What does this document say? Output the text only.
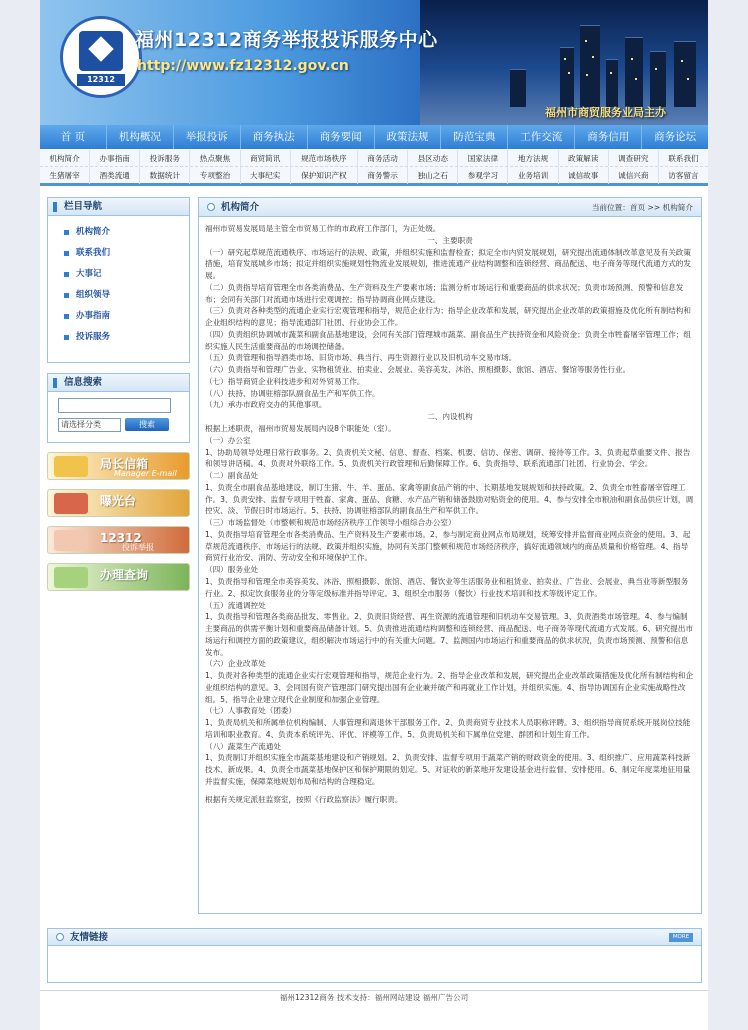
12312
福州12312商务举报投诉服务中心
http://www.fz12312.gov.cn
福州市商贸服务业局主办
首 页	机构概况	举报投诉	商务执法	商务要闻	政策法规	防范宝典	工作交流	商务信用	商务论坛
机构简介	办事指南	投诉服务	热点聚焦	商贸简讯	规范市场秩序	商务活动	县区动态	国家法律	地方法规	政策解读	调查研究	联系我们
生猪屠宰	酒类流通	数据统计	专项整治	大事纪实	保护知识产权	商务警示	独山之石	参观学习	业务培训	诚信故事	诚信兴商	访客留言
栏目导航
机构简介
联系我们
大事记
组织领导
办事指南
投诉服务
信息搜索
请选择分类	搜索
局长信箱
Manager E-mail
曝光台
12312
投诉举报
办理查询
机构简介	当前位置：首页 >> 机构简介

福州市贸易发展局是主管全市贸易工作的市政府工作部门，为正处级。

一、主要职责

（一）研究起草规范流通秩序、市场运行的法规、政策，并组织实施和监督检查；拟定全市内贸发展规划，研究提出流通体制改革意见及有关政策措施，培育发展城乡市场；拟定并组织实施规划性物流业发展规划，推进流通产业结构调整和连锁经营、商品配送、电子商务等现代流通方式的发展。

（二）负责指导培育管理全市各类消费品、生产资料及生产要素市场；监测分析市场运行和重要商品的供求状况；负责市场预测、预警和信息发布；会同有关部门对流通市场进行宏观调控；指导协调商业网点建设。

（三）负责对各种类型的流通企业实行宏观管理和指导，规范企业行为；指导企业改革和发展，研究提出企业改革的政策措施及优化所有制结构和企业组织结构的意见；指导流通部门社团、行业协会工作。

（四）负责组织协调城市蔬菜和副食品基地建设，会同有关部门管理城市蔬菜、副食品生产扶持资金和风险资金；负责全市牲畜屠宰管理工作；组织实施人民生活重要商品的市场调控储备。

（五）负责管理和指导酒类市场、旧货市场、典当行、再生资源行业以及旧机动车交易市场。

（六）负责指导和管理广告业、实物租赁业、拍卖业、会展业、美容美发、沐浴、照相摄影、旅馆、酒店、餐馆等服务性行业。

（七）指导商贸企业科技进步和对外贸易工作。

（八）扶持、协调驻榕部队副食品生产和军供工作。

（九）承办市政府交办的其他事项。

二、内设机构

根据上述职责，福州市贸易发展局内设8个职能处（室）。

（一）办公室

1、协助局领导处理日常行政事务。2、负责机关文秘、信息、督查、档案、机要、信访、保密、调研、接待等工作。3、负责起草重要文件、报告和领导讲话稿。4、负责对外联络工作。5、负责机关行政管理和后勤保障工作。6、负责指导、联系流通部门社团、行业协会、学会。

（二）副食品处

1、负责全市副食品基地建设，制订生猪、牛、羊、蛋品、家禽等副食品产销的中、长期基地发展规划和扶持政策。2、负责全市牲畜屠宰管理工作。3、负责安排、监督专项用于牲畜、家禽、蛋品、食糖、水产品产销和储备鼓励对贴资金的使用。4、参与安排全市粮油和副食品供应计划，调控灾、淡、节假日时市场运行。5、扶持、协调驻榕部队的副食品生产和军供工作。

（三）市场监督处（市整顿和规范市场经济秩序工作领导小组综合办公室）

1、负责指导培育管理全市各类消费品、生产资料及生产要素市场。2、参与制定商业网点布局规划，统筹安排并监督商业网点资金的使用。3、起草规范流通秩序、市场运行的法规、政策并组织实施，协同有关部门整顿和规范市场经济秩序，搞好流通领域内的商品质量和价格管理。4、指导商贸行业治安、消防、劳动安全和环境保护工作。

（四）服务业处

1、负责指导和管理全市美容美发、沐浴、照相摄影、旅馆、酒店、餐饮业等生活服务业和租赁业、拍卖业、广告业、会展业、典当业等新型服务行业。2、拟定饮食服务业的分等定级标准并指导评定。3、组织全市服务（餐饮）行业技术培训和技术等级评定工作。

（五）流通调控处

1、负责指导和管理各类商品批发、零售业。2、负责旧货经营、再生资源的流通管理和旧机动车交易管理。3、负责酒类市场管理。4、参与编制主要商品的供需平衡计划和重要商品储备计划。5、负责推进流通结构调整和连锁经营、商品配送、电子商务等现代流通方式发展。6、研究提出市场运行和调控方面的政策建议，组织解决市场运行中的有关重大问题。7、监测国内市场运行和重要商品的供求状况，负责市场预测、预警和信息发布。

（六）企业改革处

1、负责对各种类型的流通企业实行宏观管理和指导，规范企业行为。2、指导企业改革和发展，研究提出企业改革政策措施及优化所有制结构和企业组织结构的意见。3、会同国有资产管理部门研究提出国有企业兼并破产和再就业工作计划，并组织实施。4、指导协调国有企业实施战略性改组。5、指导企业建立现代企业制度和加强企业管理。

（七）人事教育处（团委）

1、负责局机关和所属单位机构编制、人事管理和离退休干部服务工作。2、负责商贸专业技术人员职称评聘。3、组织指导商贸系统开展岗位技能培训和职业教育。4、负责本系统评先、评优、评模等工作。5、负责局机关和下属单位党建、群团和计划生育工作。

（八）蔬菜生产流通处

1、负责制订并组织实施全市蔬菜基地建设和产销规划。2、负责安排、监督专项用于蔬菜产销的财政资金的使用。3、组织推广、应用蔬菜科技新技术、新成果。4、负责全市蔬菜基地保护区和保护期限的划定。5、对证收的新菜地开发建设基金进行监督、安排使用。6、制定年度菜地征用量并监督实施，保障菜地规划布局和结构的合理稳定。

根据有关规定派驻监察室，按照《行政监察法》履行职责。

友情链接	MORE
福州12312商务 技术支持：福州网站建设 福州广告公司
